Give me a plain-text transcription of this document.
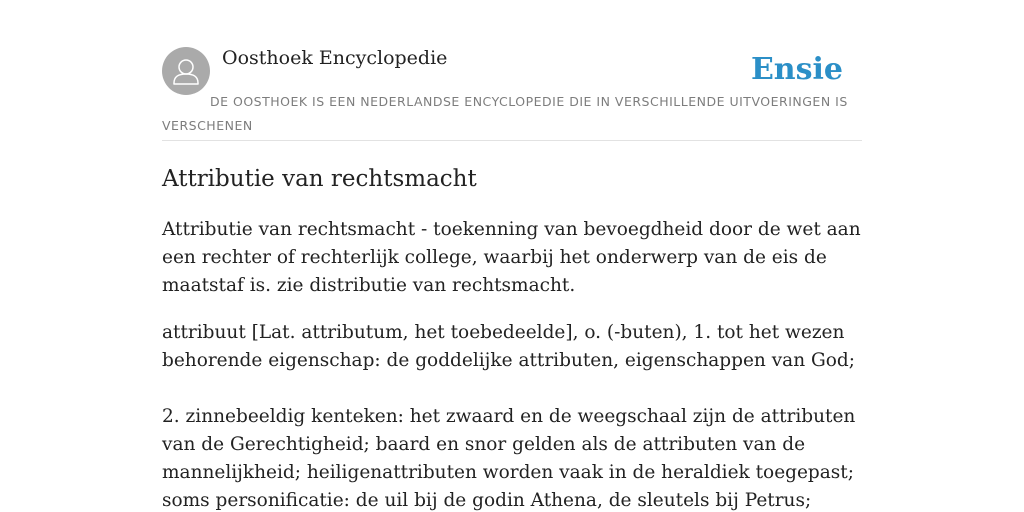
Oosthoek Encyclopedie	Ensie
DE OOSTHOEK IS EEN NEDERLANDSE ENCYCLOPEDIE DIE IN VERSCHILLENDE UITVOERINGEN IS VERSCHENEN
Attributie van rechtsmacht

Attributie van rechtsmacht - toekenning van bevoegdheid door de wet aan een rechter of rechterlijk college, waarbij het onderwerp van de eis de maatstaf is. zie distributie van rechtsmacht.

attribuut [Lat. attributum, het toebedeelde], o. (-buten), 1. tot het wezen behorende eigenschap: de goddelijke attributen, eigenschappen van God;

2. zinnebeeldig kenteken: het zwaard en de weegschaal zijn de attributen van de Gerechtigheid; baard en snor gelden als de attributen van de mannelijkheid; heiligenattributen worden vaak in de heraldiek toegepast; soms personificatie: de uil bij de godin Athena, de sleutels bij Petrus;
